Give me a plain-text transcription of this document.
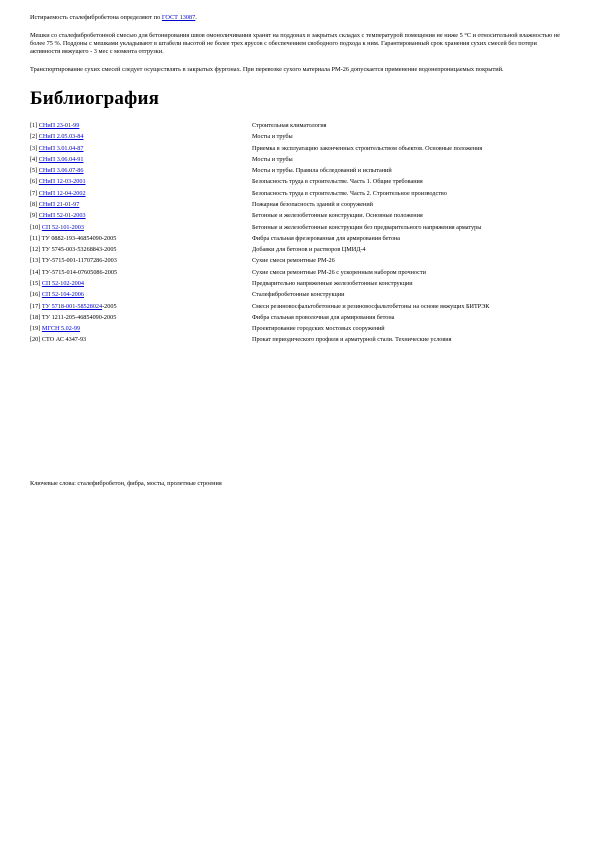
Истираемость сталефибробетона определяют по ГОСТ 13087.

Мешки со сталефибробетонной смесью для бетонирования швов омоноличивания хранят на поддонах в закрытых складах с температурой помещения не ниже 5 °С и относительной влажностью не более 75 %. Поддоны с мешками укладывают в штабели высотой не более трех ярусов с обеспечением свободного подхода к ним. Гарантированный срок хранения сухих смесей без потери активности вяжущего - 3 мес с момента отгрузки.

Транспортирование сухих смесей следует осуществлять в закрытых фургонах. При перевозке сухого материала РМ-26 допускается применение водонепроницаемых покрытий.

Библиография
[1] СНиП 23-01-99	Строительная климатология
[2] СНиП 2.05.03-84	Мосты и трубы
[3] СНиП 3.01.04-87	Приемка в эксплуатацию законченных строительством объектов. Основные положения
[4] СНиП 3.06.04-91	Мосты и трубы
[5] СНиП 3.06.07-86	Мосты и трубы. Правила обследований и испытаний
[6] СНиП 12-03-2001	Безопасность труда в строительстве. Часть 1. Общие требования
[7] СНиП 12-04-2002	Безопасность труда в строительстве. Часть 2. Строительное производство
[8] СНиП 21-01-97	Пожарная безопасность зданий и сооружений
[9] СНиП 52-01-2003	Бетонные и железобетонные конструкции. Основные положения
[10] СП 52-101-2003	Бетонные и железобетонные конструкции без предварительного напряжения арматуры
[11] ТУ 0882-193-46854090-2005	Фибра стальная фрезерованная для армирования бетона
[12] ТУ 5745-003-53268843-2005	Добавки для бетонов и растворов ЦМИД-4
[13] ТУ-5715-001-11707286-2003	Сухие смеси ремонтные РМ-26
[14] ТУ-5715-014-07605086-2005	Сухие смеси ремонтные РМ-26 с ускоренным набором прочности
[15] СП 52-102-2004	Предварительно напряженные железобетонные конструкции
[16] СП 52-104-2006	Сталефибробетонные конструкции
[17] ТУ 5718-001-58528024-2005	Смеси резиновосфальтобетонные и резиновосфальтобетоны на основе вяжущих БИТРЭК
[18] ТУ 1211-205-46854090-2005	Фибра стальная проволочная для армирования бетона
[19] МГСН 5.02-99	Проектирование городских мостовых сооружений
[20] СТО АС 4347-93	Прокат периодического профиля и арматурной стали. Технические условия

Ключевые слова: сталефибробетон, фибра, мосты, пролетные строения
